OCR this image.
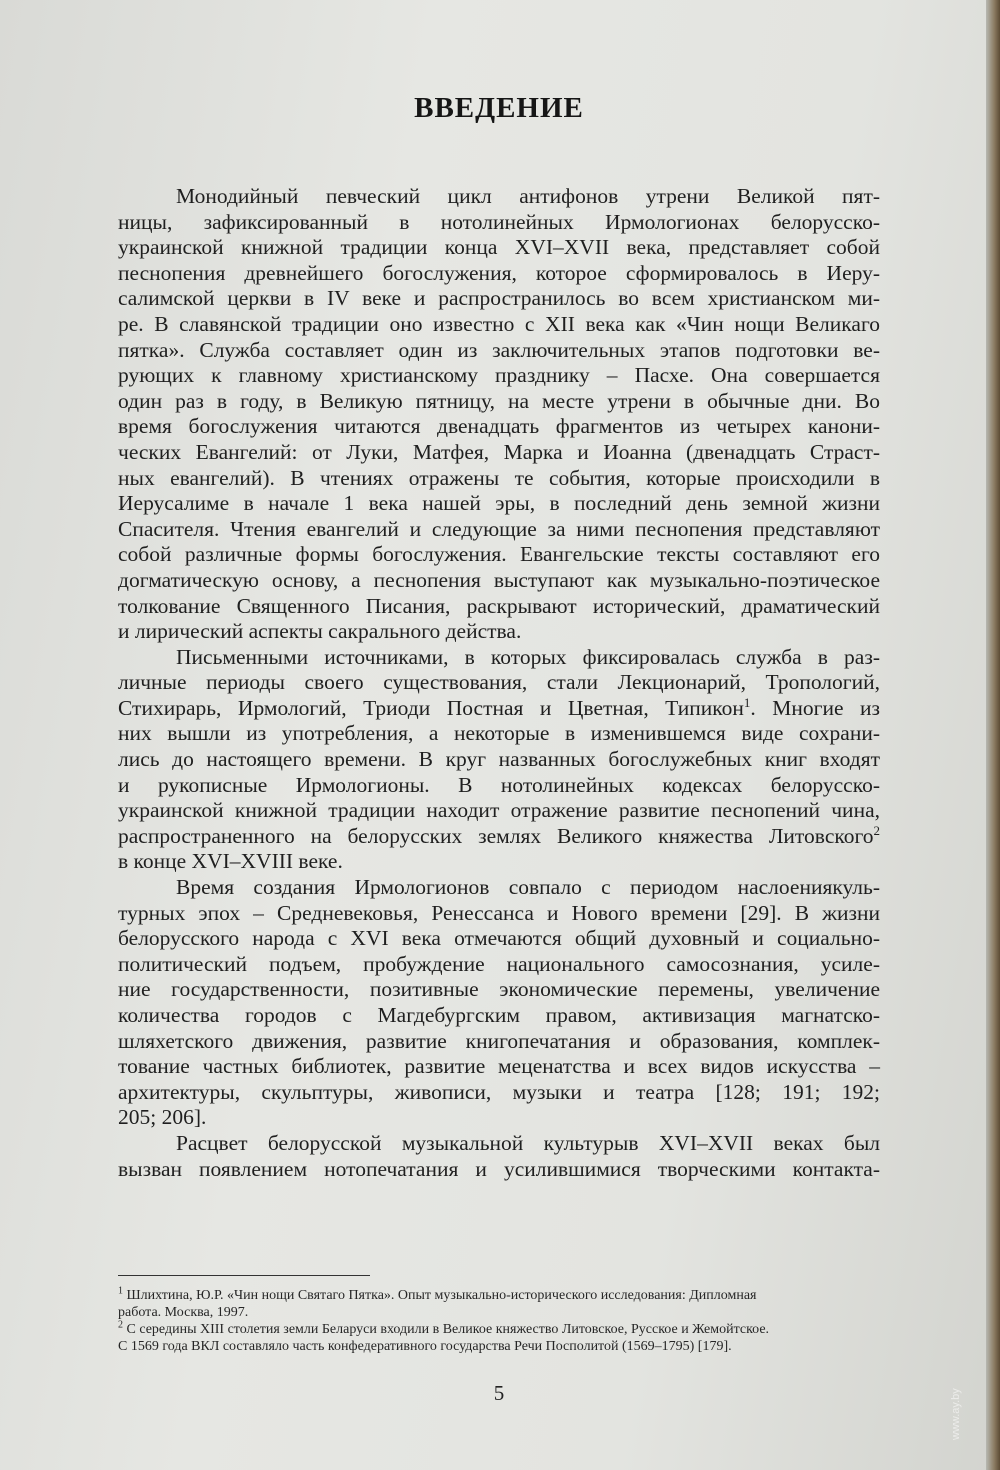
ВВЕДЕНИЕ
Монодийный певческий цикл антифонов утрени Великой пят-
ницы, зафиксированный в нотолинейных Ирмологионах белорусско-
украинской книжной традиции конца XVI–XVII века, представляет собой
песнопения древнейшего богослужения, которое сформировалось в Иеру-
салимской церкви в IV веке и распространилось во всем христианском ми-
ре. В славянской традиции оно известно с XII века как «Чин нощи Великаго
пятка». Служба составляет один из заключительных этапов подготовки ве-
рующих к главному христианскому празднику – Пасхе. Она совершается
один раз в году, в Великую пятницу, на месте утрени в обычные дни. Во
время богослужения читаются двенадцать фрагментов из четырех канони-
ческих Евангелий: от Луки, Матфея, Марка и Иоанна (двенадцать Страст-
ных евангелий). В чтениях отражены те события, которые происходили в
Иерусалиме в начале 1 века нашей эры, в последний день земной жизни
Спасителя. Чтения евангелий и следующие за ними песнопения представляют
собой различные формы богослужения. Евангельские тексты составляют его
догматическую основу, а песнопения выступают как музыкально-поэтическое
толкование Священного Писания, раскрывают исторический, драматический
и лирический аспекты сакрального действа.
Письменными источниками, в которых фиксировалась служба в раз-
личные периоды своего существования, стали Лекционарий, Тропологий,
Стихирарь, Ирмологий, Триоди Постная и Цветная, Типикон$^1$. Многие из
них вышли из употребления, а некоторые в изменившемся виде сохрани-
лись до настоящего времени. В круг названных богослужебных книг входят
и рукописные Ирмологионы. В нотолинейных кодексах белорусско-
украинской книжной традиции находит отражение развитие песнопений чина,
распространенного на белорусских землях Великого княжества Литовского$^2$
в конце XVI–XVIII веке.
Время создания Ирмологионов совпало с периодом наслоениякуль-
турных эпох – Средневековья, Ренессанса и Нового времени [29]. В жизни
белорусского народа с XVI века отмечаются общий духовный и социально-
политический подъем, пробуждение национального самосознания, усиле-
ние государственности, позитивные экономические перемены, увеличение
количества городов с Магдебургским правом, активизация магнатско-
шляхетского движения, развитие книгопечатания и образования, комплек-
тование частных библиотек, развитие меценатства и всех видов искусства –
архитектуры, скульптуры, живописи, музыки и театра [128; 191; 192;
205; 206].
Расцвет белорусской музыкальной культурыв XVI–XVII веках был
вызван появлением нотопечатания и усилившимися творческими контакта-
$^1$ Шлихтина, Ю.Р. «Чин нощи Святаго Пятка». Опыт музыкально-исторического исследования: Дипломная
работа. Москва, 1997.
$^2$ С середины XIII столетия земли Беларуси входили в Великое княжество Литовское, Русское и Жемойтское.
С 1569 года ВКЛ составляло часть конфедеративного государства Речи Посполитой (1569–1795) [179].
5	www.ay.by
